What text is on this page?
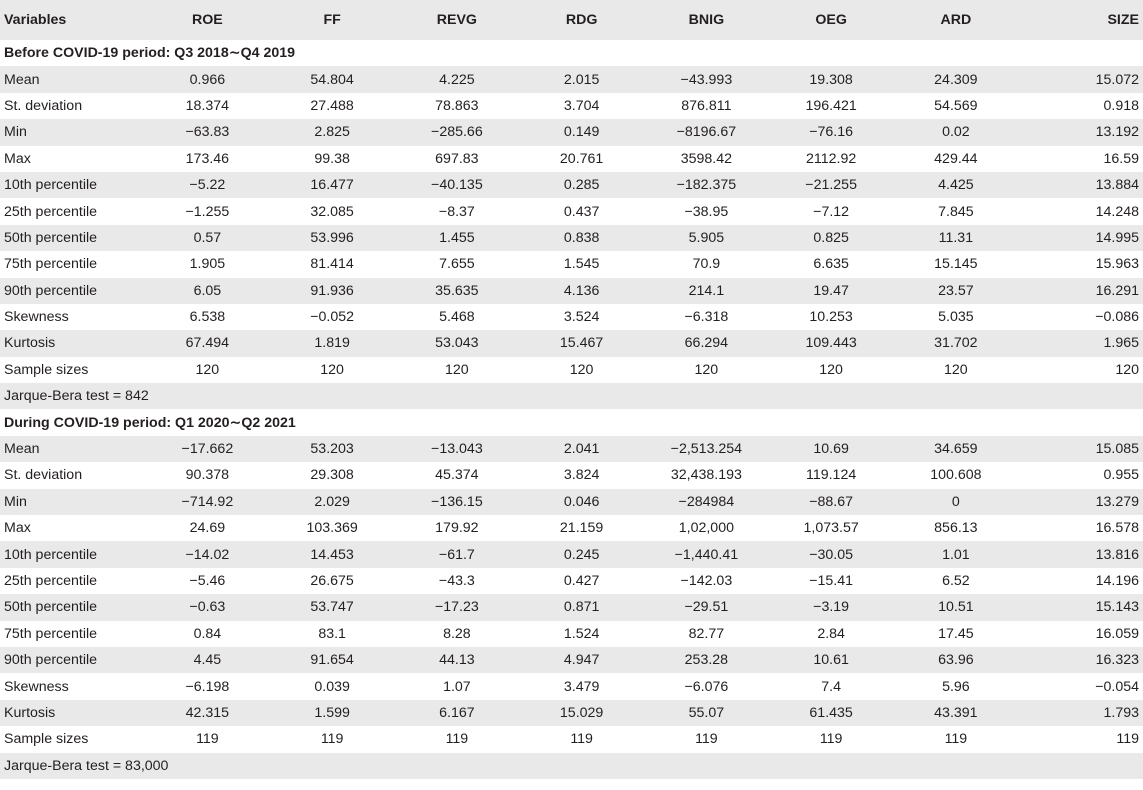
Variables	ROE	FF	REVG	RDG	BNIG	OEG	ARD	SIZE
Before COVID-19 period: Q3 2018∼Q4 2019								
Mean	0.966	54.804	4.225	2.015	−43.993	19.308	24.309	15.072
St. deviation	18.374	27.488	78.863	3.704	876.811	196.421	54.569	0.918
Min	−63.83	2.825	−285.66	0.149	−8196.67	−76.16	0.02	13.192
Max	173.46	99.38	697.83	20.761	3598.42	2112.92	429.44	16.59
10th percentile	−5.22	16.477	−40.135	0.285	−182.375	−21.255	4.425	13.884
25th percentile	−1.255	32.085	−8.37	0.437	−38.95	−7.12	7.845	14.248
50th percentile	0.57	53.996	1.455	0.838	5.905	0.825	11.31	14.995
75th percentile	1.905	81.414	7.655	1.545	70.9	6.635	15.145	15.963
90th percentile	6.05	91.936	35.635	4.136	214.1	19.47	23.57	16.291
Skewness	6.538	−0.052	5.468	3.524	−6.318	10.253	5.035	−0.086
Kurtosis	67.494	1.819	53.043	15.467	66.294	109.443	31.702	1.965
Sample sizes	120	120	120	120	120	120	120	120
Jarque-Bera test = 842								
During COVID-19 period: Q1 2020∼Q2 2021								
Mean	−17.662	53.203	−13.043	2.041	−2,513.254	10.69	34.659	15.085
St. deviation	90.378	29.308	45.374	3.824	32,438.193	119.124	100.608	0.955
Min	−714.92	2.029	−136.15	0.046	−284984	−88.67	0	13.279
Max	24.69	103.369	179.92	21.159	1,02,000	1,073.57	856.13	16.578
10th percentile	−14.02	14.453	−61.7	0.245	−1,440.41	−30.05	1.01	13.816
25th percentile	−5.46	26.675	−43.3	0.427	−142.03	−15.41	6.52	14.196
50th percentile	−0.63	53.747	−17.23	0.871	−29.51	−3.19	10.51	15.143
75th percentile	0.84	83.1	8.28	1.524	82.77	2.84	17.45	16.059
90th percentile	4.45	91.654	44.13	4.947	253.28	10.61	63.96	16.323
Skewness	−6.198	0.039	1.07	3.479	−6.076	7.4	5.96	−0.054
Kurtosis	42.315	1.599	6.167	15.029	55.07	61.435	43.391	1.793
Sample sizes	119	119	119	119	119	119	119	119
Jarque-Bera test = 83,000								
